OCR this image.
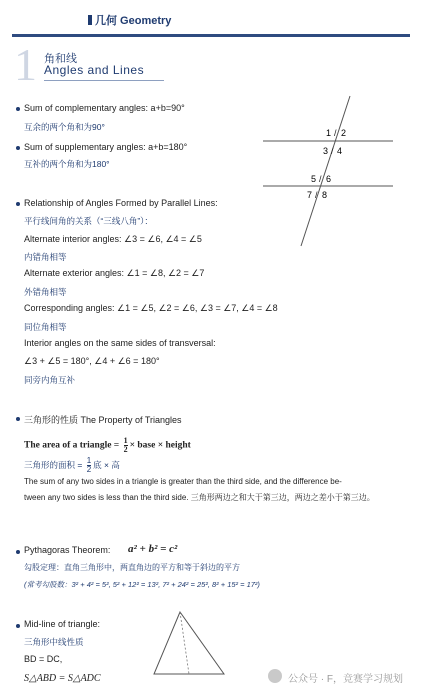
几何 Geometry
1 角和线
Angles and Lines
Sum of complementary angles: a+b=90°
互余的两个角和为90°
Sum of supplementary angles: a+b=180°
互补的两个角和为180°
1 / 2
3 / 4
5 / 6
7 / 8
Relationship of Angles Formed by Parallel Lines:
平行线间角的关系（“三线八角”）：
Alternate interior angles: ∠3 = ∠6, ∠4 = ∠5
内错角相等
Alternate exterior angles: ∠1 = ∠8, ∠2 = ∠7
外错角相等
Corresponding angles: ∠1 = ∠5, ∠2 = ∠6, ∠3 = ∠7, ∠4 = ∠8
同位角相等
Interior angles on the same sides of transversal:
∠3 + ∠5 = 180°, ∠4 + ∠6 = 180°
同旁内角互补
三角形的性质 The Property of Triangles
The area of a triangle = $\frac{1}{2}$ × base × height
三角形的面积 = $\frac{1}{2}$ 底 × 高
The sum of any two sides in a triangle is greater than the third side, and the difference be-
tween any two sides is less than the third side. 三角形两边之和大于第三边，两边之差小于第三边。
Pythagoras Theorem: a² + b² = c²
勾股定理：直角三角形中，两直角边的平方和等于斜边的平方
(常考勾股数：3² + 4² = 5², 5² + 12² = 13², 7² + 24² = 25², 8² + 15² = 17²)
Mid-line of triangle:
三角形中线性质
BD = DC,
S△ABD = S△ADC	公众号 · F，竞赛学习规划
